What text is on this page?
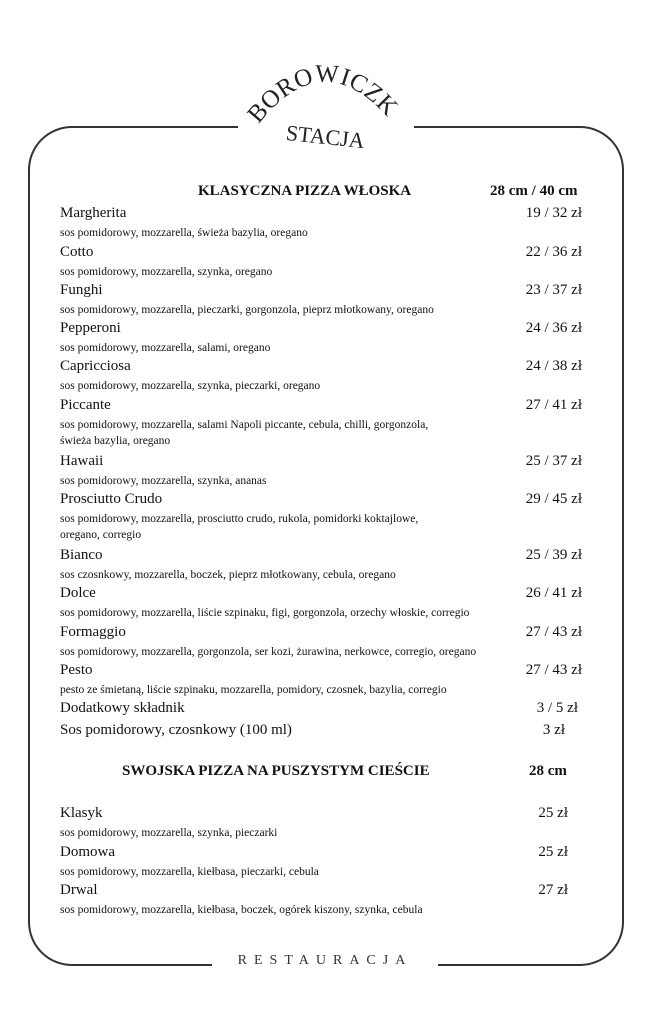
BOROWICZKI
STACJA
KLASYCZNA PIZZA WŁOSKA	28 cm / 40 cm
Margherita	19 / 32 zł
sos pomidorowy, mozzarella, świeża bazylia, oregano
Cotto	22 / 36 zł
sos pomidorowy, mozzarella, szynka, oregano
Funghi	23 / 37 zł
sos pomidorowy, mozzarella, pieczarki, gorgonzola, pieprz młotkowany, oregano
Pepperoni	24 / 36 zł
sos pomidorowy, mozzarella, salami, oregano
Capricciosa	24 / 38 zł
sos pomidorowy, mozzarella, szynka, pieczarki, oregano
Piccante	27 / 41 zł
sos pomidorowy, mozzarella, salami Napoli piccante, cebula, chilli, gorgonzola,
świeża bazylia, oregano
Hawaii	25 / 37 zł
sos pomidorowy, mozzarella, szynka, ananas
Prosciutto Crudo	29 / 45 zł
sos pomidorowy, mozzarella, prosciutto crudo, rukola, pomidorki koktajlowe,
oregano, corregio
Bianco	25 / 39 zł
sos czosnkowy, mozzarella, boczek, pieprz młotkowany, cebula, oregano
Dolce	26 / 41 zł
sos pomidorowy, mozzarella, liście szpinaku, figi, gorgonzola, orzechy włoskie, corregio
Formaggio	27 / 43 zł
sos pomidorowy, mozzarella, gorgonzola, ser kozi, żurawina, nerkowce, corregio, oregano
Pesto	27 / 43 zł
pesto ze śmietaną, liście szpinaku, mozzarella, pomidory, czosnek, bazylia, corregio
Dodatkowy składnik	3 / 5 zł
Sos pomidorowy, czosnkowy (100 ml)	3 zł
SWOJSKA PIZZA NA PUSZYSTYM CIEŚCIE	28 cm
Klasyk	25 zł
sos pomidorowy, mozzarella, szynka, pieczarki
Domowa	25 zł
sos pomidorowy, mozzarella, kiełbasa, pieczarki, cebula
Drwal	27 zł
sos pomidorowy, mozzarella, kiełbasa, boczek, ogórek kiszony, szynka, cebula
RESTAURACJA
